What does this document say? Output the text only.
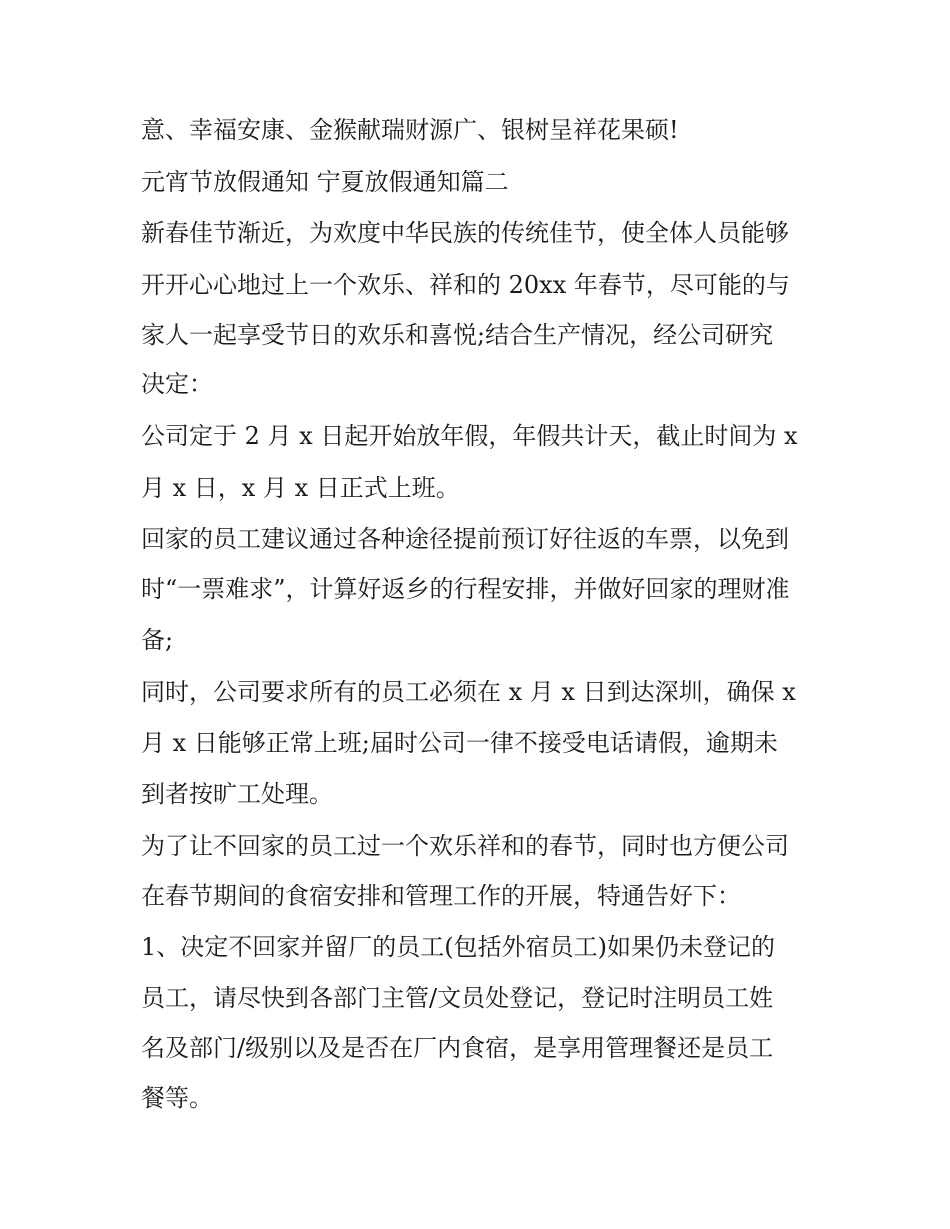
意、幸福安康、金猴献瑞财源广、银树呈祥花果硕!

元宵节放假通知 宁夏放假通知篇二

新春佳节渐近，为欢度中华民族的传统佳节，使全体人员能够

开开心心地过上一个欢乐、祥和的 20xx 年春节，尽可能的与

家人一起享受节日的欢乐和喜悦;结合生产情况，经公司研究

决定：

公司定于 2 月 x 日起开始放年假，年假共计天，截止时间为 x

月 x 日，x 月 x 日正式上班。

回家的员工建议通过各种途径提前预订好往返的车票，以免到

时“一票难求”，计算好返乡的行程安排，并做好回家的理财准

备;

同时，公司要求所有的员工必须在 x 月 x 日到达深圳，确保 x

月 x 日能够正常上班;届时公司一律不接受电话请假，逾期未

到者按旷工处理。

为了让不回家的员工过一个欢乐祥和的春节，同时也方便公司

在春节期间的食宿安排和管理工作的开展，特通告好下：

1、决定不回家并留厂的员工(包括外宿员工)如果仍未登记的

员工，请尽快到各部门主管/文员处登记，登记时注明员工姓

名及部门/级别以及是否在厂内食宿，是享用管理餐还是员工

餐等。
